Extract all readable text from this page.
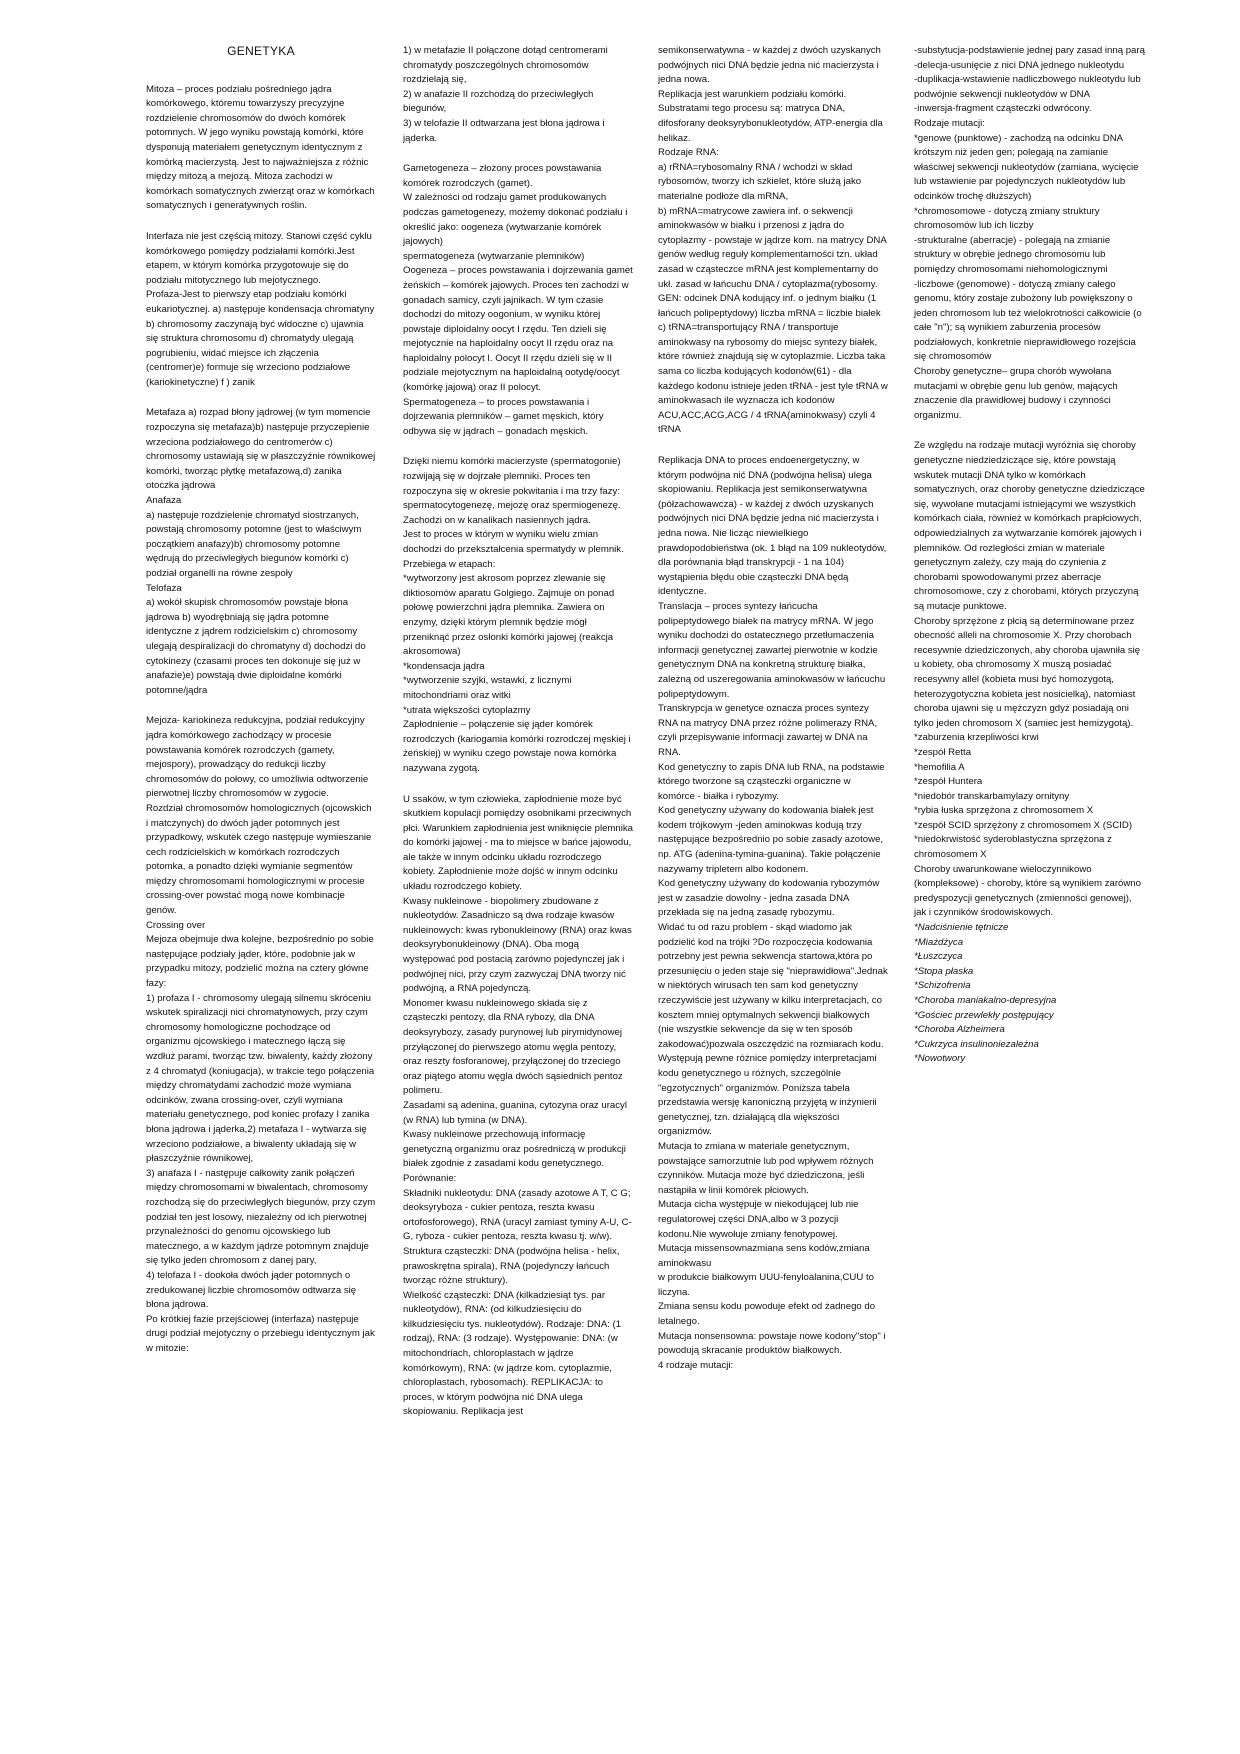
GENETYKA

Mitoza – proces podziału pośredniego jądra komórkowego, któremu towarzyszy precyzyjne rozdzielenie chromosomów do dwóch komórek potomnych. W jego wyniku powstają komórki, które dysponują materiałem genetycznym identycznym z komórką macierzystą. Jest to najważniejsza z różnic między mitozą a mejozą. Mitoza zachodzi w komórkach somatycznych zwierząt oraz w komórkach somatycznych i generatywnych roślin.

Interfaza nie jest częścią mitozy. Stanowi część cyklu komórkowego pomiędzy podziałami komórki.Jest etapem, w którym komórka przygotowuje się do podziału mitotycznego lub mejotycznego.
Profaza-Jest to pierwszy etap podziału komórki eukariotycznej. a) następuje kondensacja chromatyny b) chromosomy zaczynają być widoczne c) ujawnia się struktura chromosomu d) chromatydy ulegają pogrubieniu, widać miejsce ich złączenia (centromer)e) formuje się wrzeciono podziałowe (kariokinetyczne) f ) zanik

Metafaza a) rozpad błony jądrowej (w tym momencie rozpoczyna się metafaza)b) następuje przyczepienie wrzeciona podziałowego do centromerów c) chromosomy ustawiają się w płaszczyźnie równikowej komórki, tworząc płytkę metafazową,d) zanika otoczka jądrowa
Anafaza
a) następuje rozdzielenie chromatyd siostrzanych, powstają chromosomy potomne (jest to właściwym początkiem anafazy)b) chromosomy potomne wędrują do przeciwległych biegunów komórki c) podział organelli na równe zespoły
Telofaza
a) wokół skupisk chromosomów powstaje błona jądrowa b) wyodrębniają się jądra potomne identyczne z jądrem rodzicielskim c) chromosomy ulegają despiralizacji do chromatyny d) dochodzi do cytokinezy (czasami proces ten dokonuje się już w anafazie)e) powstają dwie diploidalne komórki potomne/jądra

Mejoza- kariokineza redukcyjna, podział redukcyjny jądra komórkowego zachodzący w procesie powstawania komórek rozrodczych (gamety, mejospory), prowadzący do redukcji liczby chromosomów do połowy, co umożliwia odtworzenie pierwotnej liczby chromosomów w zygocie.
Rozdział chromosomów homologicznych (ojcowskich i matczynych) do dwóch jąder potomnych jest przypadkowy, wskutek czego następuje wymieszanie cech rodzicielskich w komórkach rozrodczych potomka, a ponadto dzięki wymianie segmentów między chromosomami homologicznymi w procesie crossing-over powstać mogą nowe kombinacje genów.
Crossing over
Mejoza obejmuje dwa kolejne, bezpośrednio po sobie następujące podziały jąder, które, podobnie jak w przypadku mitozy, podzielić można na cztery główne fazy:
1) profaza I - chromosomy ulegają silnemu skróceniu wskutek spiralizacji nici chromatynowych, przy czym chromosomy homologiczne pochodzące od organizmu ojcowskiego i matecznego łączą się wzdłuż parami, tworząc tzw. biwalenty, każdy złożony z 4 chromatyd (koniugacja), w trakcie tego połączenia między chromatydami zachodzić może wymiana odcinków, zwana crossing-over, czyli wymiana materiału genetycznego, pod koniec profazy I zanika błona jądrowa i jąderka,2) metafaza I - wytwarza się wrzeciono podziałowe, a biwalenty układają się w płaszczyźnie równikowej,
3) anafaza I - następuje całkowity zanik połączeń między chromosomami w biwalentach, chromosomy rozchodzą się do przeciwległych biegunów, przy czym podział ten jest losowy, niezależny od ich pierwotnej przynależności do genomu ojcowskiego lub matecznego, a w każdym jądrze potomnym znajduje się tylko jeden chromosom z danej pary,
4) telofaza I - dookoła dwóch jąder potomnych o zredukowanej liczbie chromosomów odtwarza się błona jądrowa.
Po krótkiej fazie przejściowej (interfaza) następuje drugi podział mejotyczny o przebiegu identycznym jak w mitozie:

1) w metafazie II połączone dotąd centromerami chromatydy poszczególnych chromosomów rozdzielają się,
2) w anafazie II rozchodzą do przeciwległych biegunów,
3) w telofazie II odtwarzana jest błona jądrowa i jąderka.

Gametogeneza – złożony proces powstawania komórek rozrodczych (gamet).
W zależności od rodzaju gamet produkowanych podczas gametogenezy, możemy dokonać podziału i określić jako: oogeneza (wytwarzanie komórek jajowych)
spermatogeneza (wytwarzanie plemników)
Oogeneza – proces powstawania i dojrzewania gamet żeńskich – komórek jajowych. Proces ten zachodzi w gonadach samicy, czyli jajnikach. W tym czasie dochodzi do mitozy oogonium, w wyniku której powstaje diploidalny oocyt I rzędu. Ten dzieli się mejotycznie na haploidalny oocyt II rzędu oraz na haploidalny polocyt I. Oocyt II rzędu dzieli się w II podziale mejotycznym na haploidalną ootydę/oocyt (komórkę jajową) oraz II polocyt.
Spermatogeneza – to proces powstawania i dojrzewania plemników – gamet męskich, który odbywa się w jądrach – gonadach męskich.

Dzięki niemu komórki macierzyste (spermatogonie) rozwijają się w dojrzałe plemniki. Proces ten rozpoczyna się w okresie pokwitania i ma trzy fazy: spermatocytogenezę, mejozę oraz spermiogenezę. Zachodzi on w kanalikach nasiennych jądra.
Jest to proces w którym w wyniku wielu zmian dochodzi do przekształcenia spermatydy w plemnik. Przebiega w etapach:
*wytworzony jest akrosom poprzez zlewanie się diktiosomów aparatu Golgiego. Zajmuje on ponad połowę powierzchni jądra plemnika. Zawiera on enzymy, dzięki którym plemnik będzie mógł przeniknąć przez osłonki komórki jajowej (reakcja akrosomowa)
*kondensacja jądra
*wytworzenie szyjki, wstawki, z licznymi mitochondriami oraz witki
*utrata większości cytoplazmy
Zapłodnienie – połączenie się jąder komórek rozrodczych (kariogamia komórki rozrodczej męskiej i żeńskiej) w wyniku czego powstaje nowa komórka nazywana zygotą.

U ssaków, w tym człowieka, zapłodnienie może być skutkiem kopulacji pomiędzy osobnikami przeciwnych płci. Warunkiem zapłodnienia jest wniknięcie plemnika do komórki jajowej - ma to miejsce w bańce jajowodu, ale także w innym odcinku układu rozrodczego kobiety. Zapłodnienie może dojść w innym odcinku układu rozrodczego kobiety.
Kwasy nukleinowe - biopolimery zbudowane z nukleotydów. Zasadniczo są dwa rodzaje kwasów nukleinowych: kwas rybonukleinowy (RNA) oraz kwas deoksyrybonukleinowy (DNA). Oba mogą występować pod postacią zarówno pojedynczej jak i podwójnej nici, przy czym zazwyczaj DNA tworzy nić podwójną, a RNA pojedynczą.
Monomer kwasu nukleinowego składa się z cząsteczki pentozy, dla RNA rybozy, dla DNA deoksyrybozy, zasady purynowej lub pirymidynowej przyłączonej do pierwszego atomu węgla pentozy, oraz reszty fosforanowej, przyłączonej do trzeciego oraz piątego atomu węgla dwóch sąsiednich pentoz polimeru.
Zasadami są adenina, guanina, cytozyna oraz uracyl (w RNA) lub tymina (w DNA).
Kwasy nukleinowe przechowują informację genetyczną organizmu oraz pośredniczą w produkcji białek zgodnie z zasadami kodu genetycznego.
Porównanie:
Składniki nukleotydu: DNA (zasady azotowe A T, C G; deoksyryboza - cukier pentoza, reszta kwasu ortofosforowego), RNA (uracyl zamiast tyminy A-U, C-G, ryboza - cukier pentoza, reszta kwasu tj. w/w). Struktura cząsteczki: DNA (podwójna helisa - helix, prawoskrętna spirala), RNA (pojedynczy łańcuch tworząc różne struktury).
Wielkość cząsteczki: DNA (kilkadziesiąt tys. par nukleotydów), RNA: (od kilkudziesięciu do kilkudziesięciu tys. nukleotydów). Rodzaje: DNA: (1 rodzaj), RNA: (3 rodzaje). Występowanie: DNA: (w mitochondriach, chloroplastach w jądrze komórkowym), RNA: (w jądrze kom. cytoplazmie, chloroplastach, rybosomach). REPLIKACJA: to proces, w którym podwójna nić DNA ulega skopiowaniu. Replikacja jest

semikonserwatywna - w każdej z dwóch uzyskanych podwójnych nici DNA będzie jedna nić macierzysta i jedna nowa.
Replikacja jest warunkiem podziału komórki. Substratami tego procesu są: matryca DNA, difosforany deoksyrybonukleotydów, ATP-energia dla helikaz.
Rodzaje RNA:
a) rRNA=rybosomalny RNA / wchodzi w skład rybosomów, tworzy ich szkielet, które służą jako materialne podłoże dla mRNA,
b) mRNA=matrycowe zawiera inf. o sekwencji aminokwasów w białku i przenosi z jądra do cytoplazmy - powstaje w jądrze kom. na matrycy DNA genów według reguły komplementarności tzn. układ zasad w cząsteczce mRNA jest komplementarny do ukł. zasad w łańcuchu DNA / cytoplazma(rybosomy.
GEN: odcinek DNA kodujący inf. o jednym białku (1 łańcuch polipeptydowy) liczba mRNA = liczbie białek
c) tRNA=transportujący RNA / transportuje aminokwasy na rybosomy do miejsc syntezy białek, które również znajdują się w cytoplazmie. Liczba taka sama co liczba kodujących kodonów(61) - dla każdego kodonu istnieje jeden tRNA - jest tyle tRNA w aminokwasach ile wyznacza ich kodonów
ACU,ACC,ACG,ACG / 4 tRNA(aminokwasy) czyli 4 tRNA

Replikacja DNA to proces endoenergetyczny, w którym podwójna nić DNA (podwójna helisa) ulega skopiowaniu. Replikacja jest semikonserwatywna (półzachowawcza) - w każdej z dwóch uzyskanych podwójnych nici DNA będzie jedna nić macierzysta i jedna nowa. Nie licząc niewielkiego prawdopodobieństwa (ok. 1 błąd na 109 nukleotydów, dla porównania błąd transkrypcji - 1 na 104) wystąpienia błędu obie cząsteczki DNA będą identyczne.
Translacja – proces syntezy łańcucha polipeptydowego białek na matrycy mRNA. W jego wyniku dochodzi do ostatecznego przetłumaczenia informacji genetycznej zawartej pierwotnie w kodzie genetycznym DNA na konkretną strukturę białka, zależną od uszeregowania aminokwasów w łańcuchu polipeptydowym.
Transkrypcja w genetyce oznacza proces syntezy RNA na matrycy DNA przez różne polimerazy RNA, czyli przepisywanie informacji zawartej w DNA na RNA.
Kod genetyczny to zapis DNA lub RNA, na podstawie którego tworzone są cząsteczki organiczne w komórce - białka i rybozymy.
Kod genetyczny używany do kodowania białek jest kodem trójkowym -jeden aminokwas kodują trzy następujące bezpośrednio po sobie zasady azotowe, np. ATG (adenina-tymina-guanina). Takie połączenie nazywamy tripletem albo kodonem.
Kod genetyczny używany do kodowania rybozymów jest w zasadzie dowolny - jedna zasada DNA przekłada się na jedną zasadę rybozymu.
Widać tu od razu problem - skąd wiadomo jak podzielić kod na trójki ?Do rozpoczęcia kodowania potrzebny jest pewna sekwencja startowa,która po przesunięciu o jeden staje się "nieprawidłowa".Jednak w niektórych wirusach ten sam kod genetyczny rzeczywiście jest używany w kilku interpretacjach, co kosztem mniej optymalnych sekwencji białkowych (nie wszystkie sekwencje da się w ten sposób zakodować)pozwala oszczędzić na rozmiarach kodu.
Występują pewne różnice pomiędzy interpretacjami kodu genetycznego u różnych, szczególnie "egzotycznych" organizmów. Poniższa tabela przedstawia wersję kanoniczną przyjętą w inżynierii genetycznej, tzn. działającą dla większości organizmów.
Mutacja to zmiana w materiale genetycznym, powstające samorzutnie lub pod wpływem różnych czynników. Mutacja może być dziedziczona, jeśli nastąpiła w linii komórek płciowych.
Mutacja cicha występuje w niekodującej lub nie regulatorowej części DNA,albo w 3 pozycji kodonu.Nie wywołuje zmiany fenotypowej.
Mutacja missensownazmiana sens kodów,zmiana aminokwasu
w produkcie białkowym UUU-fenyloalanina,CUU to liczyna.
Zmiana sensu kodu powoduje efekt od żadnego do letalnego.
Mutacja nonsensowna: powstaje nowe kodony"stop" i powodują skracanie produktów białkowych.
4 rodzaje mutacji:

-substytucja-podstawienie jednej pary zasad inną parą
-delecja-usunięcie z nici DNA jednego nukleotydu
-duplikacja-wstawienie nadliczbowego nukleotydu lub podwójnie sekwencji nukleotydów w DNA
-inwersja-fragment cząsteczki odwrócony.
Rodzaje mutacji:
*genowe (punktowe) - zachodzą na odcinku DNA krótszym niż jeden gen; polegają na zamianie właściwej sekwencji nukleotydów (zamiana, wycięcie lub wstawienie par pojedynczych nukleotydów lub odcinków trochę dłuższych)
*chromosomowe - dotyczą zmiany struktury chromosomów lub ich liczby
-strukturalne (aberracje) - polegają na zmianie struktury w obrębie jednego chromosomu lub pomiędzy chromosomami niehomologicznymi
-liczbowe (genomowe) - dotyczą zmiany całego genomu, który zostaje zubożony lub powiększony o jeden chromosom lub też wielokrotności całkowicie (o całe "n"); są wynikiem zaburzenia procesów podziałowych, konkretnie nieprawidłowego rozejścia się chromosomów
Choroby genetyczne– grupa chorób wywołana mutacjami w obrębie genu lub genów, mających znaczenie dla prawidłowej budowy i czynności organizmu.

Ze względu na rodzaje mutacji wyróżnia się choroby genetyczne niedziedziczące się, które powstają wskutek mutacji DNA tylko w komórkach somatycznych, oraz choroby genetyczne dziedziczące się, wywołane mutacjami istniejącymi we wszystkich komórkach ciała, również w komórkach prapłciowych, odpowiedzialnych za wytwarzanie komórek jajowych i plemników. Od rozległości zmian w materiale genetycznym zależy, czy mają do czynienia z chorobami spowodowanymi przez aberracje chromosomowe, czy z chorobami, których przyczyną są mutacje punktowe.
Choroby sprzężone z płcią są determinowane przez obecność alleli na chromosomie X. Przy chorobach recesywnie dziedziczonych, aby choroba ujawniła się u kobiety, oba chromosomy X muszą posiadać recesywny allel (kobieta musi być homozygotą, heterozygotyczna kobieta jest nosicielką), natomiast choroba ujawni się u mężczyzn gdyż posiadają oni tylko jeden chromosom X (samiec jest hemizygotą).
*zaburzenia krzepliwości krwi
*zespół Retta
*hemofilia A
*zespół Huntera
*niedobór transkarbamylazy ornityny
*rybia łuska sprzężona z chromosomem X
*zespół SCID sprzężony z chromosomem X (SCID)
*niedokrwistość syderoblastyczna sprzężona z chromosomem X
Choroby uwarunkowane wieloczynnikowo (kompleksowe) - choroby, które są wynikiem zarówno predyspozycji genetycznych (zmienności genowej), jak i czynników środowiskowych.

*Nadciśnienie tętnicze
*Miażdżyca
*Łuszczyca
*Stopa płaska
*Schizofrenia
*Choroba maniakalno-depresyjna
*Gościec przewlekły postępujący
*Choroba Alzheimera
*Cukrzyca insulinoniezależna
*Nowotwory
